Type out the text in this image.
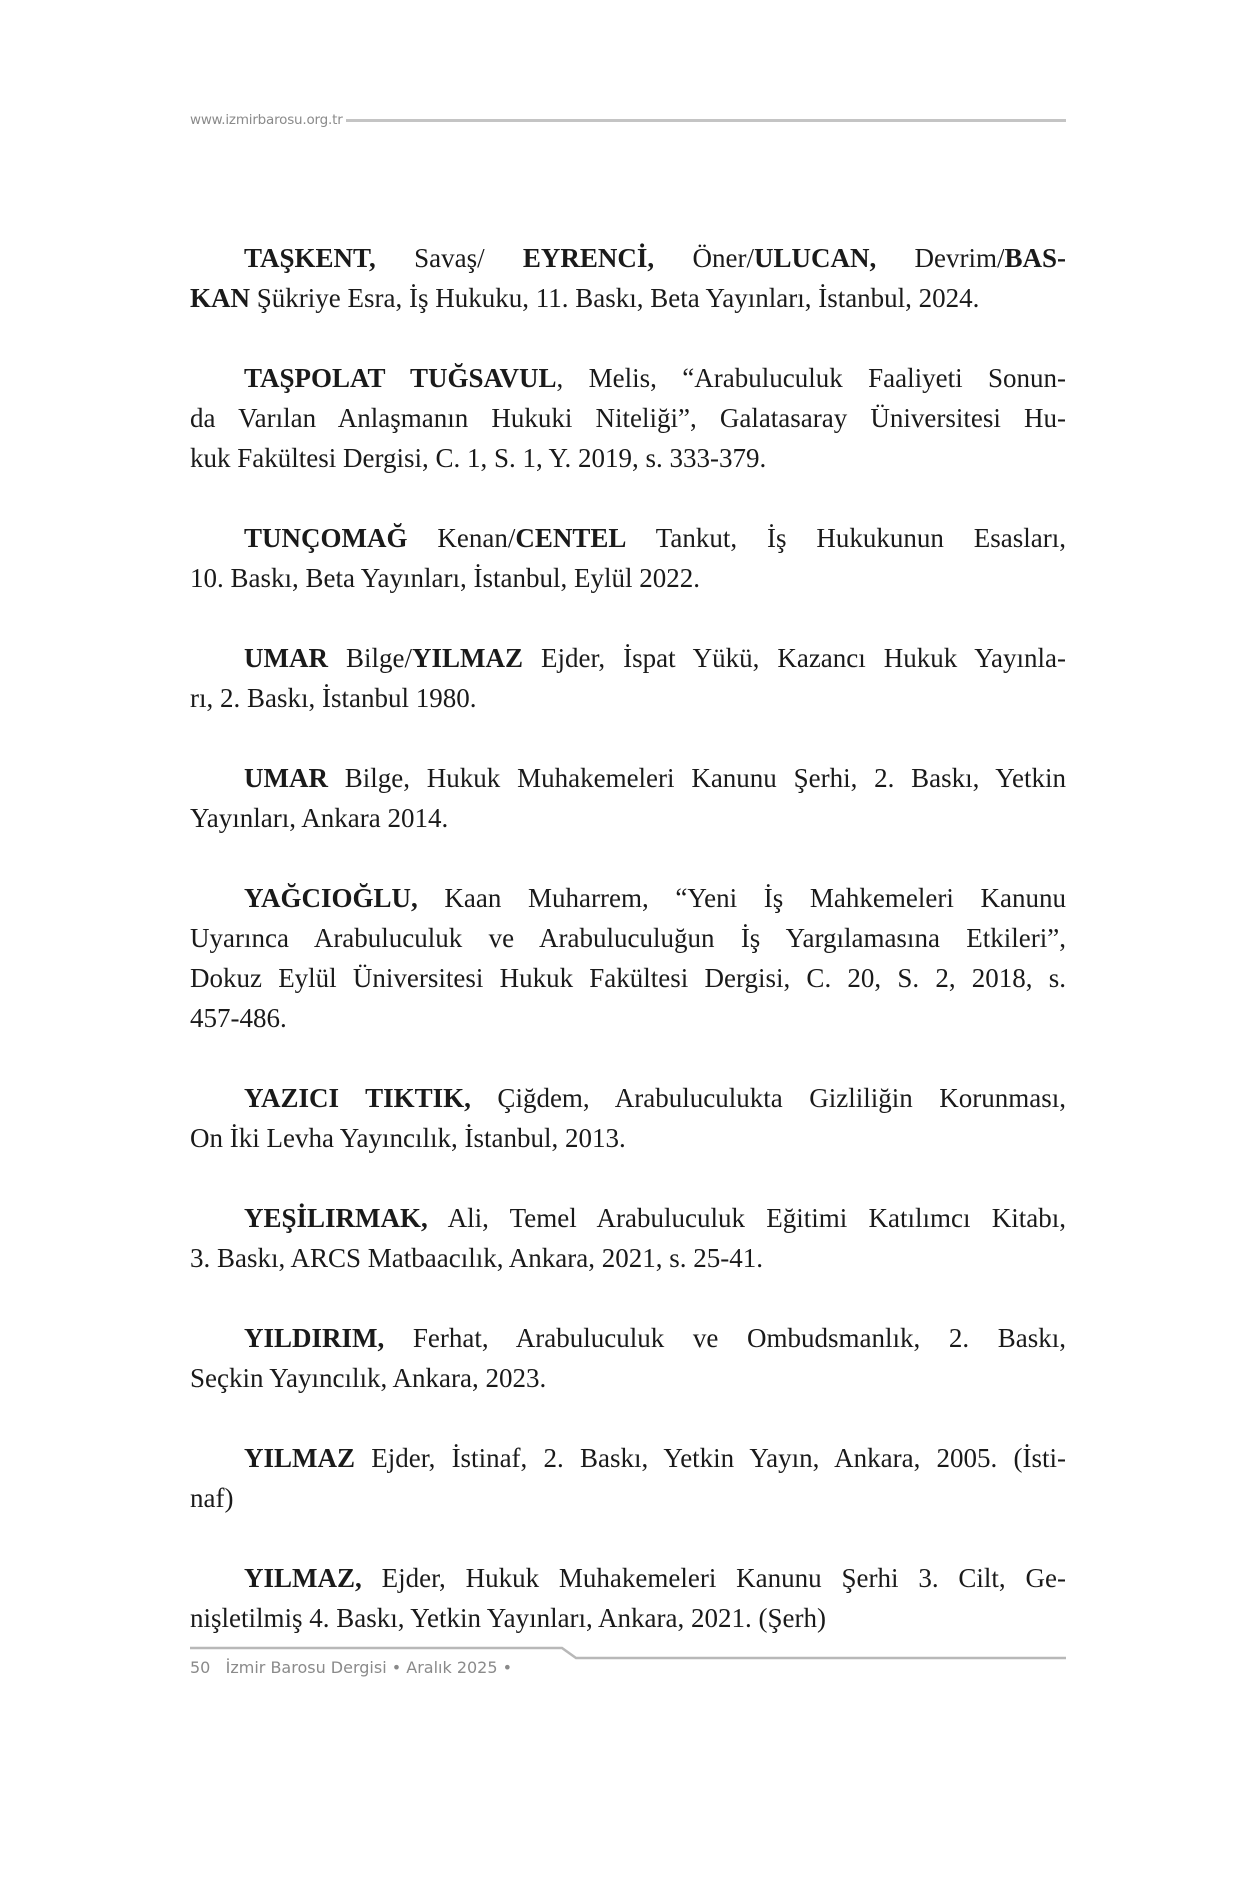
www.izmirbarosu.org.tr
TAŞKENT, Savaş/ EYRENCİ, Öner/ULUCAN, Devrim/BAS-
KAN Şükriye Esra, İş Hukuku, 11. Baskı, Beta Yayınları, İstanbul, 2024.
TAŞPOLAT TUĞSAVUL, Melis, “Arabuluculuk Faaliyeti Sonun-
da Varılan Anlaşmanın Hukuki Niteliği”, Galatasaray Üniversitesi Hu-
kuk Fakültesi Dergisi, C. 1, S. 1, Y. 2019, s. 333-379.
TUNÇOMAĞ Kenan/CENTEL Tankut, İş Hukukunun Esasları,
10. Baskı, Beta Yayınları, İstanbul, Eylül 2022.
UMAR Bilge/YILMAZ Ejder, İspat Yükü, Kazancı Hukuk Yayınla-
rı, 2. Baskı, İstanbul 1980.
UMAR Bilge, Hukuk Muhakemeleri Kanunu Şerhi, 2. Baskı, Yetkin
Yayınları, Ankara 2014.
YAĞCIOĞLU, Kaan Muharrem, “Yeni İş Mahkemeleri Kanunu
Uyarınca Arabuluculuk ve Arabuluculuğun İş Yargılamasına Etkileri”,
Dokuz Eylül Üniversitesi Hukuk Fakültesi Dergisi, C. 20, S. 2, 2018, s.
457-486.
YAZICI TIKTIK, Çiğdem, Arabuluculukta Gizliliğin Korunması,
On İki Levha Yayıncılık, İstanbul, 2013.
YEŞİLIRMAK, Ali, Temel Arabuluculuk Eğitimi Katılımcı Kitabı,
3. Baskı, ARCS Matbaacılık, Ankara, 2021, s. 25-41.
YILDIRIM, Ferhat, Arabuluculuk ve Ombudsmanlık, 2. Baskı,
Seçkin Yayıncılık, Ankara, 2023.
YILMAZ Ejder, İstinaf, 2. Baskı, Yetkin Yayın, Ankara, 2005. (İsti-
naf)
YILMAZ, Ejder, Hukuk Muhakemeleri Kanunu Şerhi 3. Cilt, Ge-
nişletilmiş 4. Baskı, Yetkin Yayınları, Ankara, 2021. (Şerh)
50 İzmir Barosu Dergisi • Aralık 2025 •
